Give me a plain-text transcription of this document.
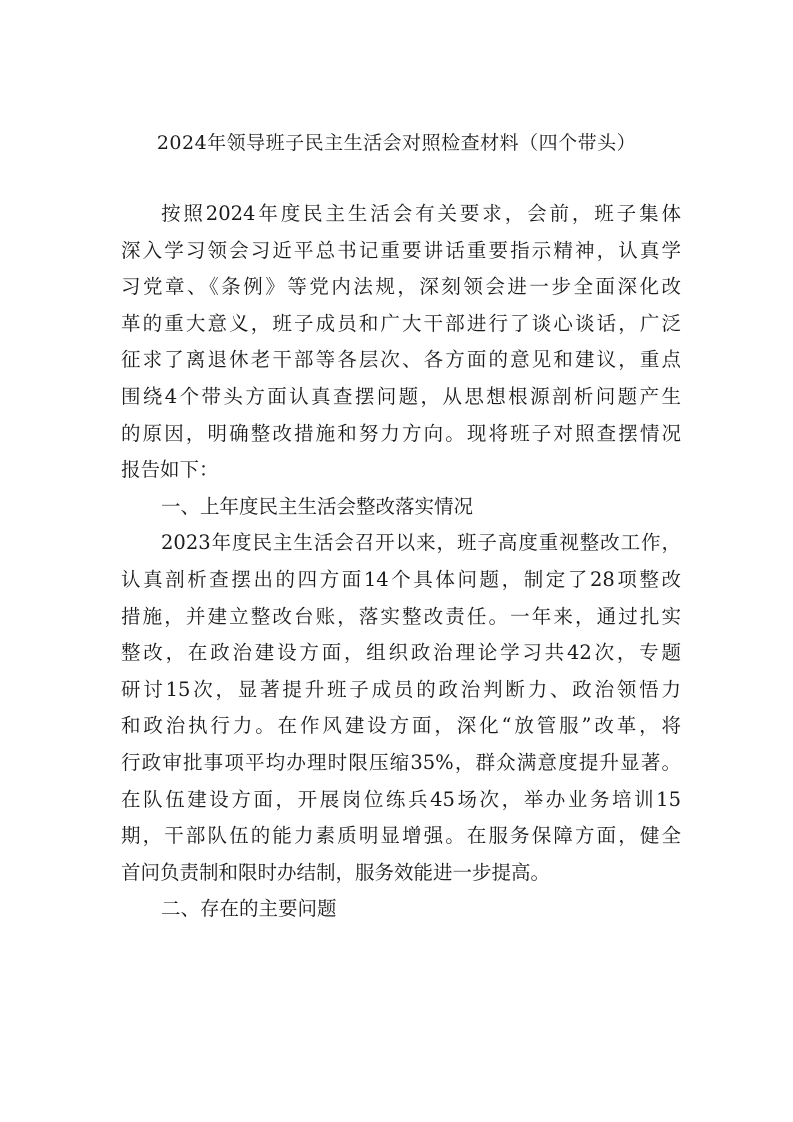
2024年领导班子民主生活会对照检查材料（四个带头）
按照2024年度民主生活会有关要求，会前，班子集体
深入学习领会习近平总书记重要讲话重要指示精神，认真学
习党章、《条例》等党内法规，深刻领会进一步全面深化改
革的重大意义，班子成员和广大干部进行了谈心谈话，广泛
征求了离退休老干部等各层次、各方面的意见和建议，重点
围绕4个带头方面认真查摆问题，从思想根源剖析问题产生
的原因，明确整改措施和努力方向。现将班子对照查摆情况
报告如下：
一、上年度民主生活会整改落实情况
2023年度民主生活会召开以来，班子高度重视整改工作，
认真剖析查摆出的四方面14个具体问题，制定了28项整改
措施，并建立整改台账，落实整改责任。一年来，通过扎实
整改，在政治建设方面，组织政治理论学习共42次，专题
研讨15次，显著提升班子成员的政治判断力、政治领悟力
和政治执行力。在作风建设方面，深化“放管服”改革，将
行政审批事项平均办理时限压缩35%，群众满意度提升显著。
在队伍建设方面，开展岗位练兵45场次，举办业务培训15
期，干部队伍的能力素质明显增强。在服务保障方面，健全
首问负责制和限时办结制，服务效能进一步提高。
二、存在的主要问题
